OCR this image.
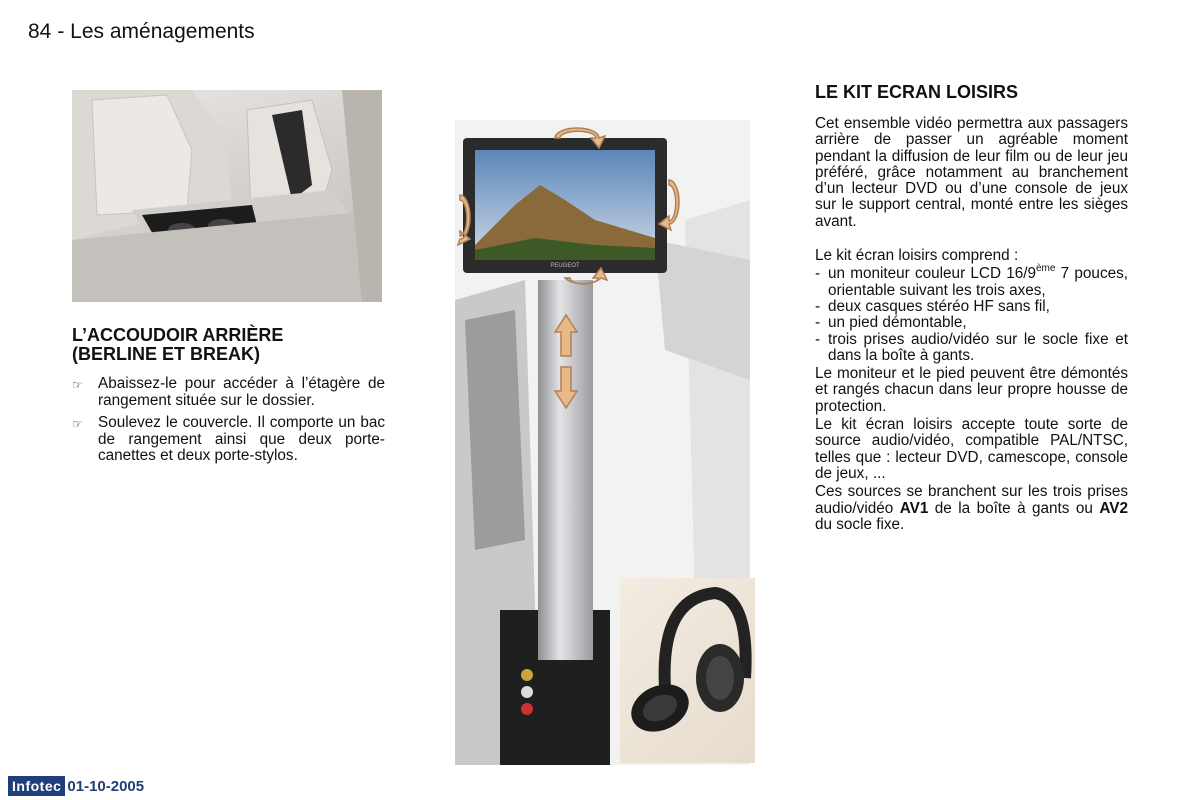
84 - Les aménagements
L’ACCOUDOIR ARRIÈRE
(BERLINE ET BREAK)
☞ Abaissez-le pour accéder à l’étagère de rangement située sur le dossier.
☞ Soulevez le couvercle. Il comporte un bac de rangement ainsi que deux porte-canettes et deux porte-stylos.
PEUGEOT
LE KIT ECRAN LOISIRS

Cet ensemble vidéo permettra aux passagers arrière de passer un agréable moment pendant la diffusion de leur film ou de leur jeu préféré, grâce notamment au branchement d’un lecteur DVD ou d’une console de jeux sur le support central, monté entre les sièges avant.

Le kit écran loisirs comprend :

- un moniteur couleur LCD 16/9ème 7 pouces, orientable suivant les trois axes,
- deux casques stéréo HF sans fil,
- un pied démontable,
- trois prises audio/vidéo sur le socle fixe et dans la boîte à gants.

Le moniteur et le pied peuvent être démontés et rangés chacun dans leur propre housse de protection.

Le kit écran loisirs accepte toute sorte de source audio/vidéo, compatible PAL/NTSC, telles que : lecteur DVD, camescope, console de jeux, ...

Ces sources se branchent sur les trois prises audio/vidéo AV1 de la boîte à gants ou AV2 du socle fixe.

Infotec 01-10-2005
